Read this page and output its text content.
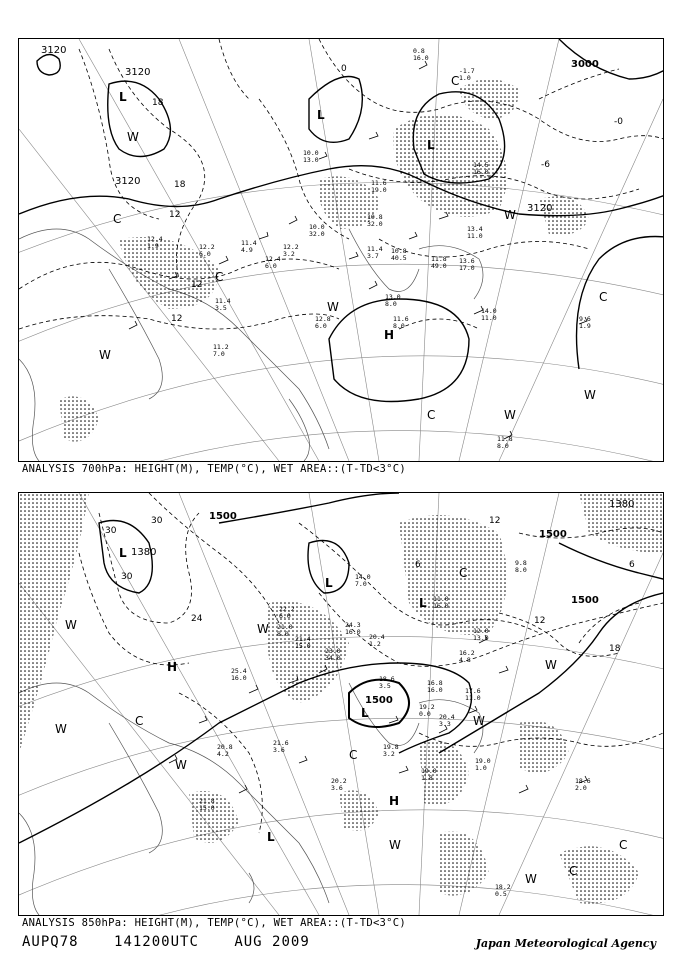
3120
3120
3120
3120
3000
18
18
12
12
12
-0
-6
0
L
L
L
H
C
C
C
C
C
W
W
W
W
W
W
12.4
1.9	12.2
6.0
12.4
6.0
11.4
4.9	12.2
3.2
10.0
32.0
10.8
32.0
11.4
3.7
10.8
40.5	11.8
49.0
13.4
11.0
13.6
17.0
13.0
8.0
11.6
8.0
12.8
6.0
14.0
11.0	9.6
1.9
11.8
8.0
10.0
13.0
11.6
19.0
14.5
16.0
11.4
3.5
11.2
7.0
0.8
16.0
-1.7
1.0
ANALYSIS 700hPa: HEIGHT(M), TEMP(°C), WET AREA::(T-TD<3°C)
1380
1500
1500
1500
1500
1380
30
30
30
24
12
12
18
6
6
L
L
L
L
L
H
H
C
C
C
C
C
W
W
W
W
W
W
W
W
22.2
6.0
21.0
8.0
21.4
15.0
24.3
16.0
20.4
1.2
23.0
34.0
18.6
3.5	16.8
16.0
19.2
0.0
17.6
11.0
20.4
3.3
19.8
3.2
19.0
1.8
19.0
1.0
20.2
3.6
18.6
2.0
18.2
0.5
20.8
4.2
21.6
3.6
25.4
16.0
14.0
7.0
11.0
16.0
12.0
13.0
16.2
4.8
9.8
8.0
21.8
15.0
ANALYSIS 850hPa: HEIGHT(M), TEMP(°C), WET AREA::(T-TD<3°C)
AUPQ78	141200UTC	AUG 2009	Japan Meteorological Agency
